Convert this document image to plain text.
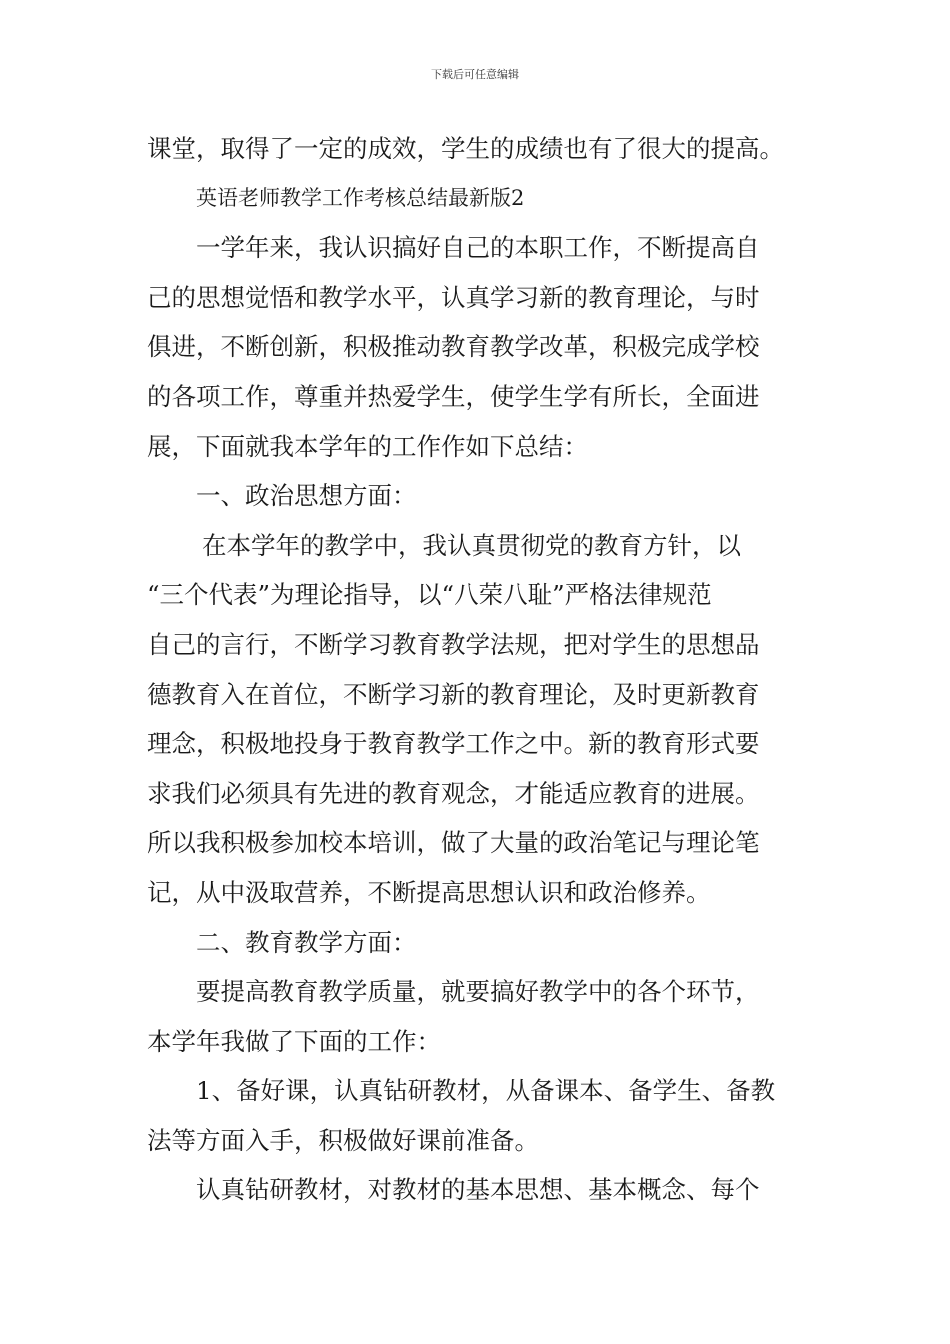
下载后可任意编辑
课堂，取得了一定的成效，学生的成绩也有了很大的提高。
英语老师教学工作考核总结最新版2
一学年来，我认识搞好自己的本职工作，不断提高自
己的思想觉悟和教学水平，认真学习新的教育理论，与时
俱进，不断创新，积极推动教育教学改革，积极完成学校
的各项工作，尊重并热爱学生，使学生学有所长，全面进
展，下面就我本学年的工作作如下总结：
一、政治思想方面：
在本学年的教学中，我认真贯彻党的教育方针，以
“三个代表”为理论指导，以“八荣八耻”严格法律规范
自己的言行，不断学习教育教学法规，把对学生的思想品
德教育入在首位，不断学习新的教育理论，及时更新教育
理念，积极地投身于教育教学工作之中。新的教育形式要
求我们必须具有先进的教育观念，才能适应教育的进展。
所以我积极参加校本培训，做了大量的政治笔记与理论笔
记，从中汲取营养，不断提高思想认识和政治修养。
二、教育教学方面：
要提高教育教学质量，就要搞好教学中的各个环节，
本学年我做了下面的工作：
1、备好课，认真钻研教材，从备课本、备学生、备教
法等方面入手，积极做好课前准备。
认真钻研教材，对教材的基本思想、基本概念、每个
